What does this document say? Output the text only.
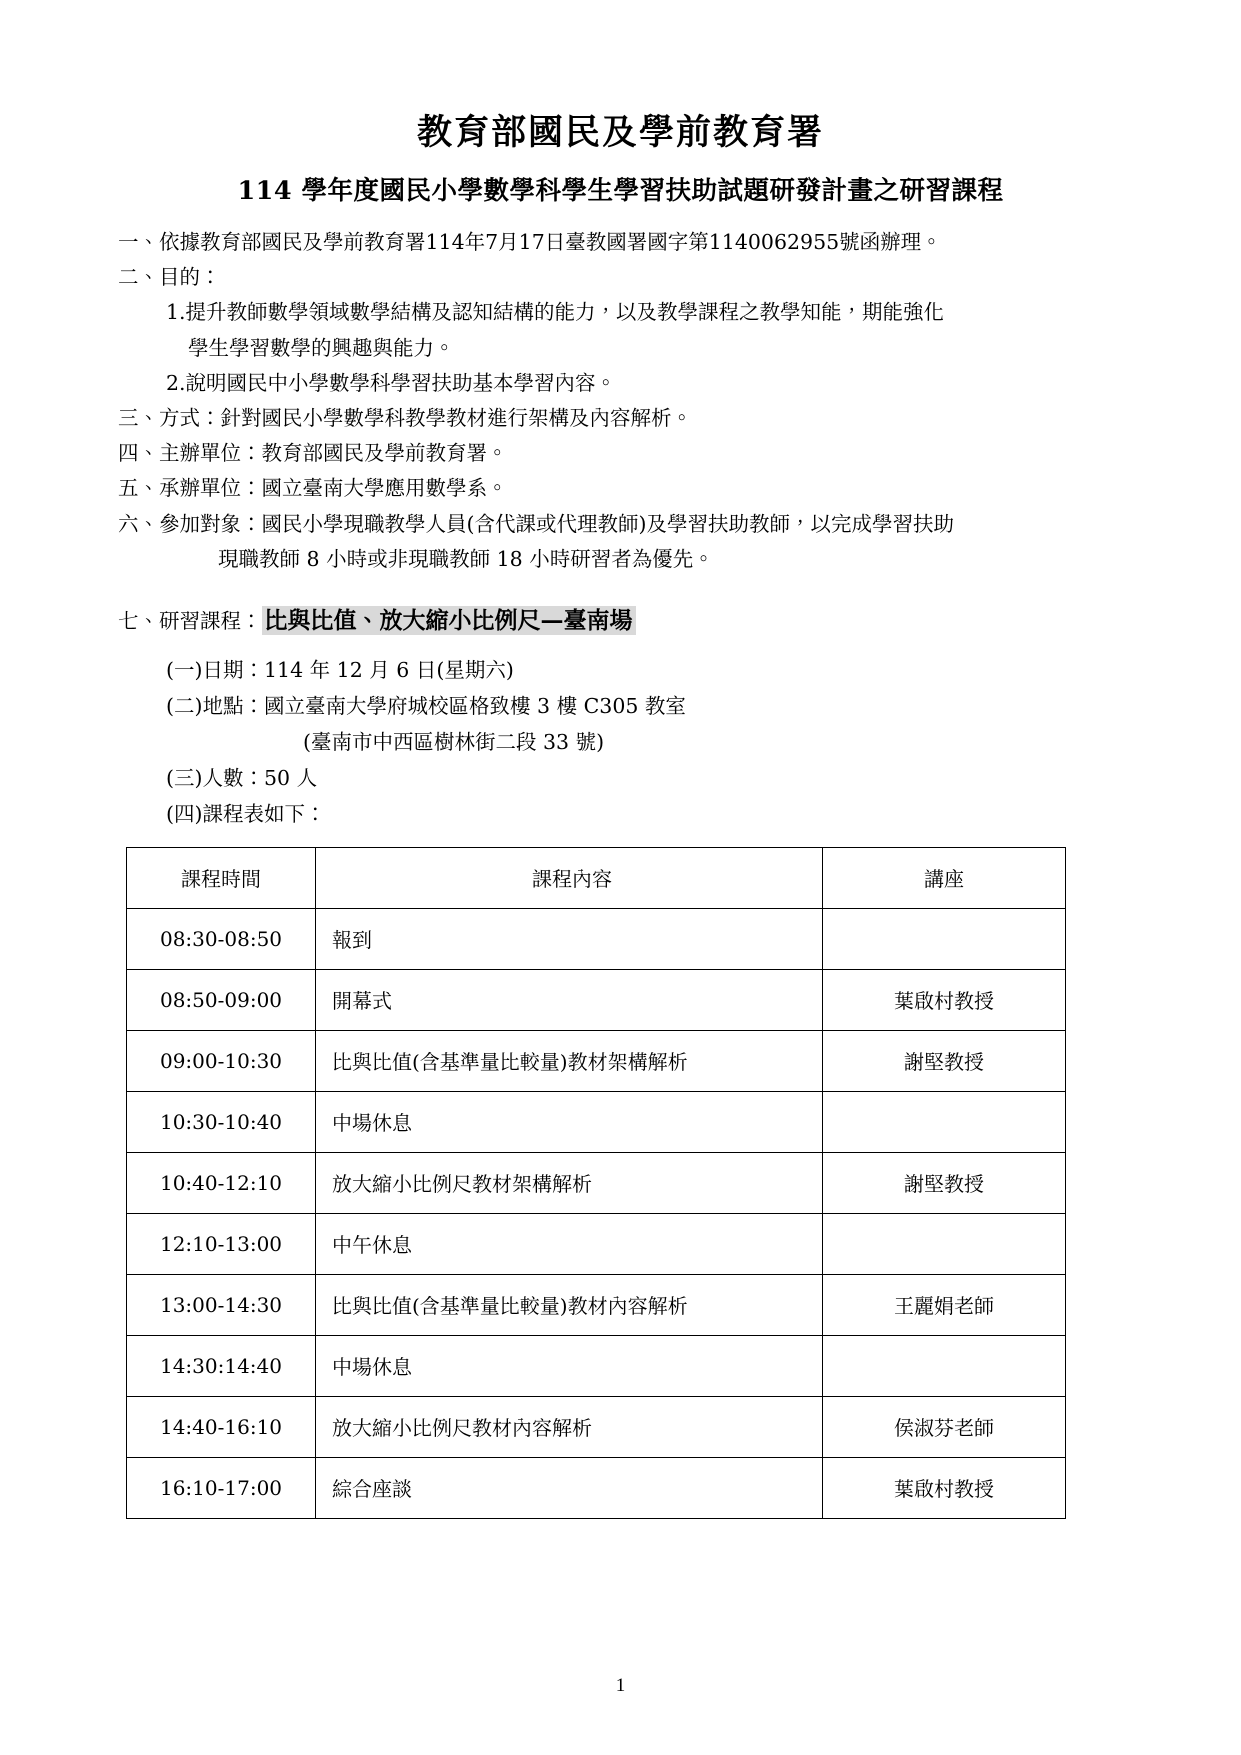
教育部國民及學前教育署
114 學年度國民小學數學科學生學習扶助試題研發計畫之研習課程
一、依據教育部國民及學前教育署114年7月17日臺教國署國字第1140062955號函辦理。
二、目的：
1.提升教師數學領域數學結構及認知結構的能力，以及教學課程之教學知能，期能強化
學生學習數學的興趣與能力。
2.說明國民中小學數學科學習扶助基本學習內容。
三、方式：針對國民小學數學科教學教材進行架構及內容解析。
四、主辦單位：教育部國民及學前教育署。
五、承辦單位：國立臺南大學應用數學系。
六、參加對象：國民小學現職教學人員(含代課或代理教師)及學習扶助教師，以完成學習扶助
現職教師 8 小時或非現職教師 18 小時研習者為優先。
七、研習課程： 比與比值、放大縮小比例尺—臺南場
(一)日期：114 年 12 月 6 日(星期六)
(二)地點：國立臺南大學府城校區格致樓 3 樓 C305 教室
(臺南市中西區樹林街二段 33 號)
(三)人數：50 人
(四)課程表如下：
課程時間	課程內容	講座
08:30-08:50	報到	
08:50-09:00	開幕式	葉啟村教授
09:00-10:30	比與比值(含基準量比較量)教材架構解析	謝堅教授
10:30-10:40	中場休息	
10:40-12:10	放大縮小比例尺教材架構解析	謝堅教授
12:10-13:00	中午休息	
13:00-14:30	比與比值(含基準量比較量)教材內容解析	王麗娟老師
14:30:14:40	中場休息	
14:40-16:10	放大縮小比例尺教材內容解析	侯淑芬老師
16:10-17:00	綜合座談	葉啟村教授
1
